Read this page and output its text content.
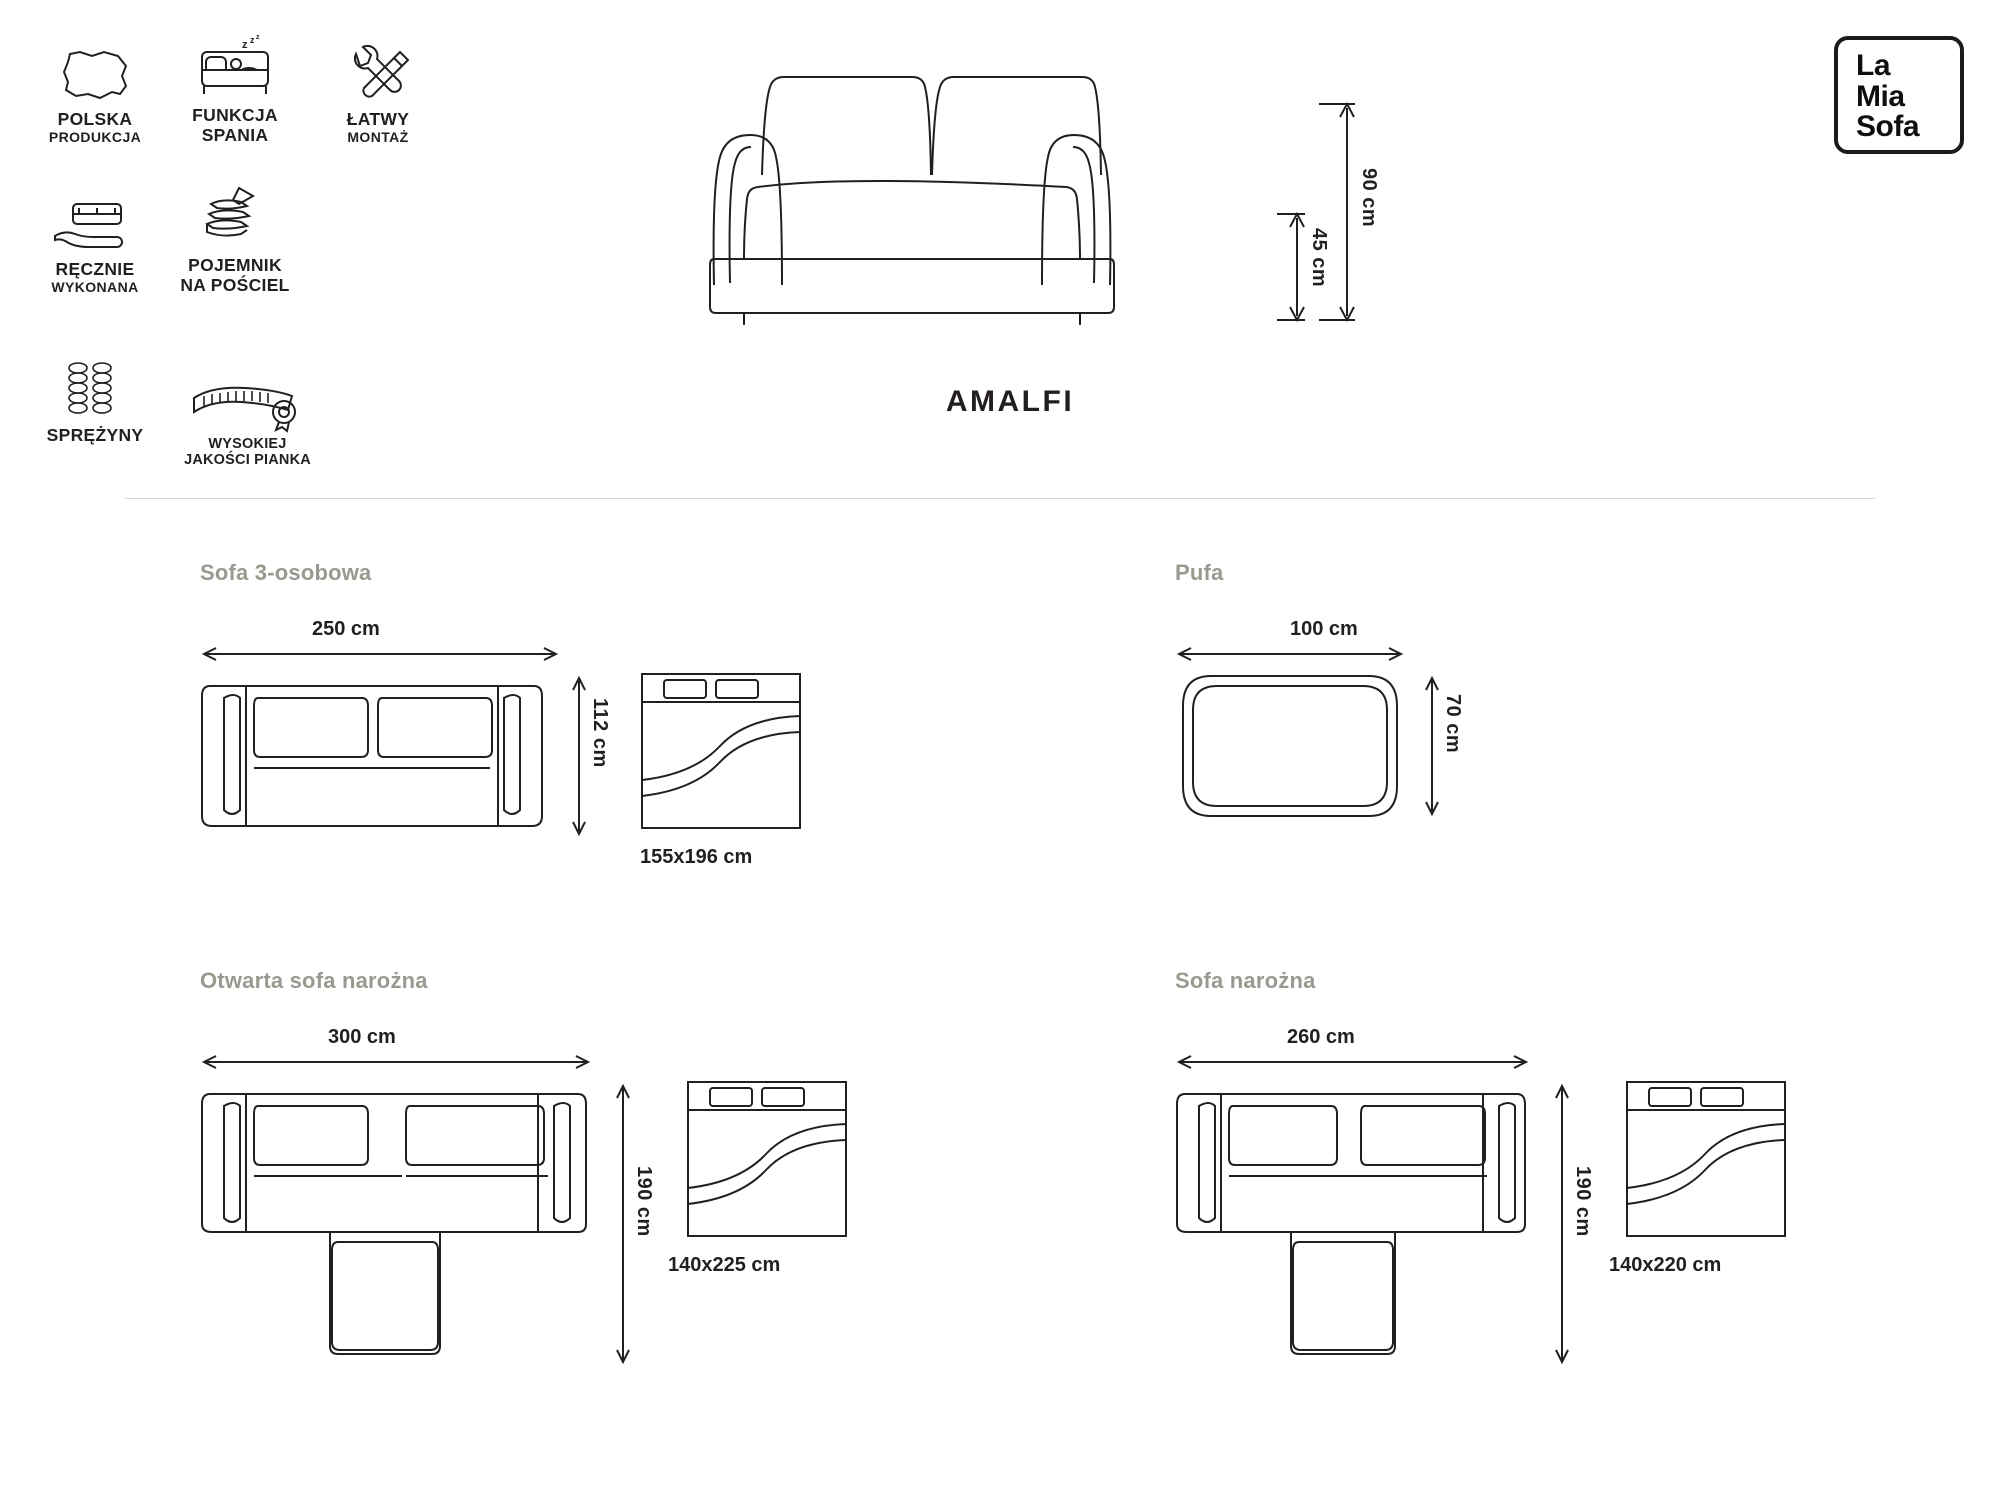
POLSKA
PRODUKCJA
z z z
FUNKCJA
SPANIA
ŁATWY
MONTAŻ
RĘCZNIE
WYKONANA
POJEMNIK
NA POŚCIEL
SPRĘŻYNY	WYSOKIEJ
JAKOŚCI PIANKA
La
Mia
Sofa
AMALFI
90 cm
45 cm
Sofa 3-osobowa
250 cm
112 cm
155x196 cm
Pufa
100 cm
70 cm
Otwarta sofa narożna
300 cm
190 cm
140x225 cm
Sofa narożna
260 cm
190 cm
140x220 cm
